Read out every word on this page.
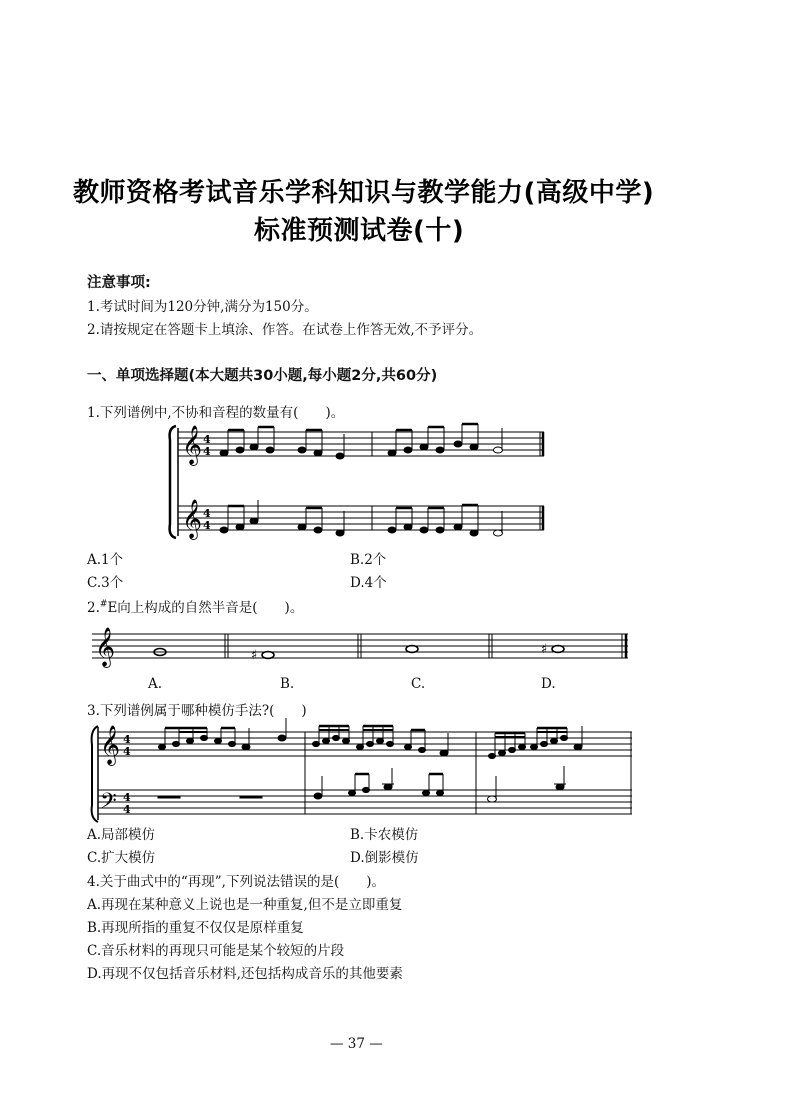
教师资格考试音乐学科知识与教学能力(高级中学)
标准预测试卷(十)
注意事项:
1.考试时间为120分钟,满分为150分。
2.请按规定在答题卡上填涂、作答。在试卷上作答无效,不予评分。
一、单项选择题(本大题共30小题,每小题2分,共60分)
1.下列谱例中,不协和音程的数量有(　　)。
𝄞
𝄞
4
4
4
4
A.1个	B.2个
C.3个	D.4个
2.#E向上构成的自然半音是(　　)。
𝄞	♯	♯
A.	B.	C.	D.
3.下列谱例属于哪种模仿手法?(　　)
𝄞
𝄢
4
4
4
4
A.局部模仿	B.卡农模仿
C.扩大模仿	D.倒影模仿
4.关于曲式中的“再现”,下列说法错误的是(　　)。
A.再现在某种意义上说也是一种重复,但不是立即重复
B.再现所指的重复不仅仅是原样重复
C.音乐材料的再现只可能是某个较短的片段
D.再现不仅包括音乐材料,还包括构成音乐的其他要素
— 37 —
